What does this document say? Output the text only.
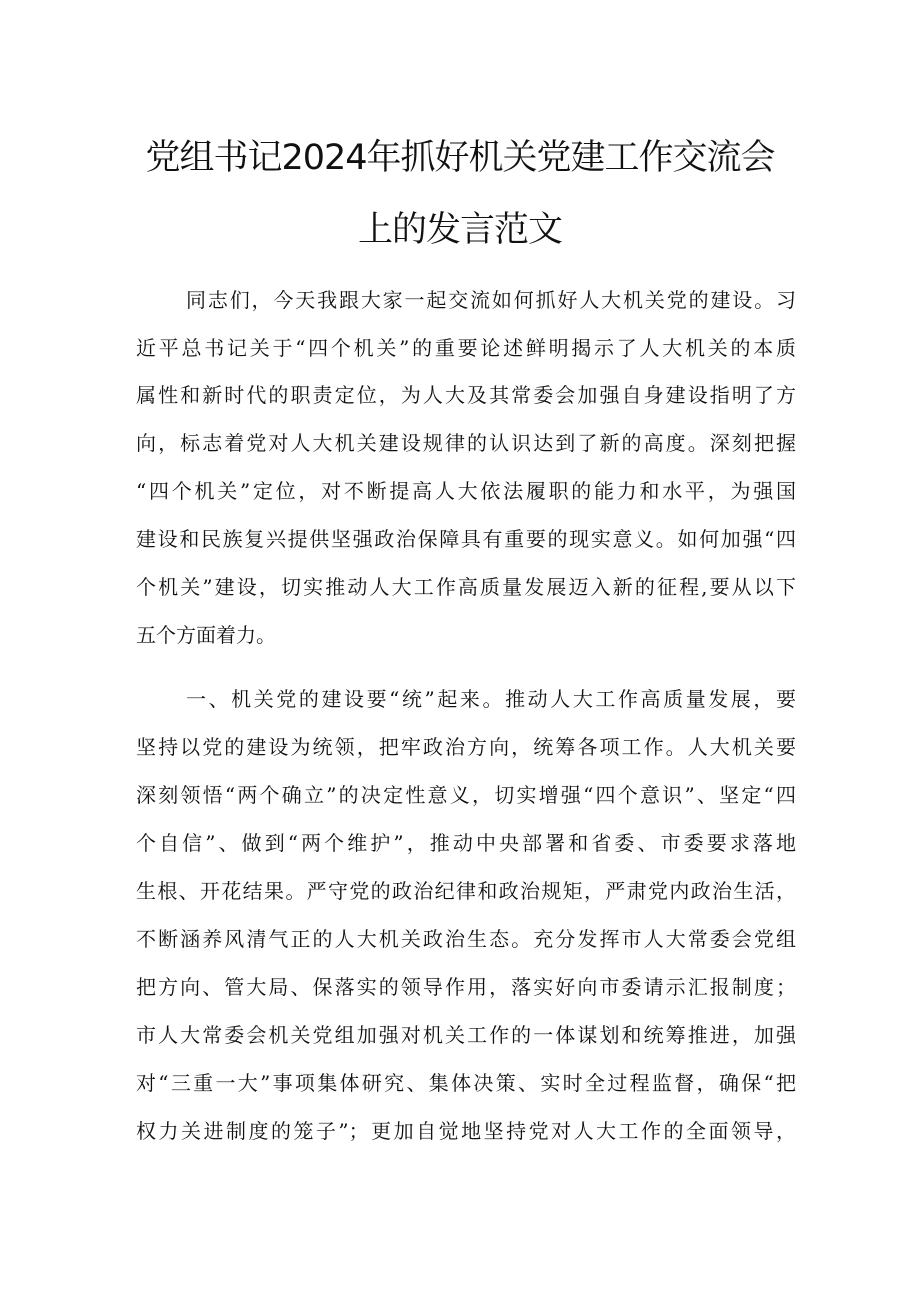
党组书记2024年抓好机关党建工作交流会
上的发言范文
同志们，今天我跟大家一起交流如何抓好人大机关党的建设。习
近平总书记关于“四个机关”的重要论述鲜明揭示了人大机关的本质
属性和新时代的职责定位，为人大及其常委会加强自身建设指明了方
向，标志着党对人大机关建设规律的认识达到了新的高度。深刻把握
“四个机关”定位，对不断提高人大依法履职的能力和水平，为强国
建设和民族复兴提供坚强政治保障具有重要的现实意义。如何加强“四
个机关”建设，切实推动人大工作高质量发展迈入新的征程,要从以下
五个方面着力。
一、机关党的建设要“统”起来。推动人大工作高质量发展，要
坚持以党的建设为统领，把牢政治方向，统筹各项工作。人大机关要
深刻领悟“两个确立”的决定性意义，切实增强“四个意识”、坚定“四
个自信”、做到“两个维护”，推动中央部署和省委、市委要求落地
生根、开花结果。严守党的政治纪律和政治规矩，严肃党内政治生活，
不断涵养风清气正的人大机关政治生态。充分发挥市人大常委会党组
把方向、管大局、保落实的领导作用，落实好向市委请示汇报制度；
市人大常委会机关党组加强对机关工作的一体谋划和统筹推进，加强
对“三重一大”事项集体研究、集体决策、实时全过程监督，确保“把
权力关进制度的笼子”；更加自觉地坚持党对人大工作的全面领导，
